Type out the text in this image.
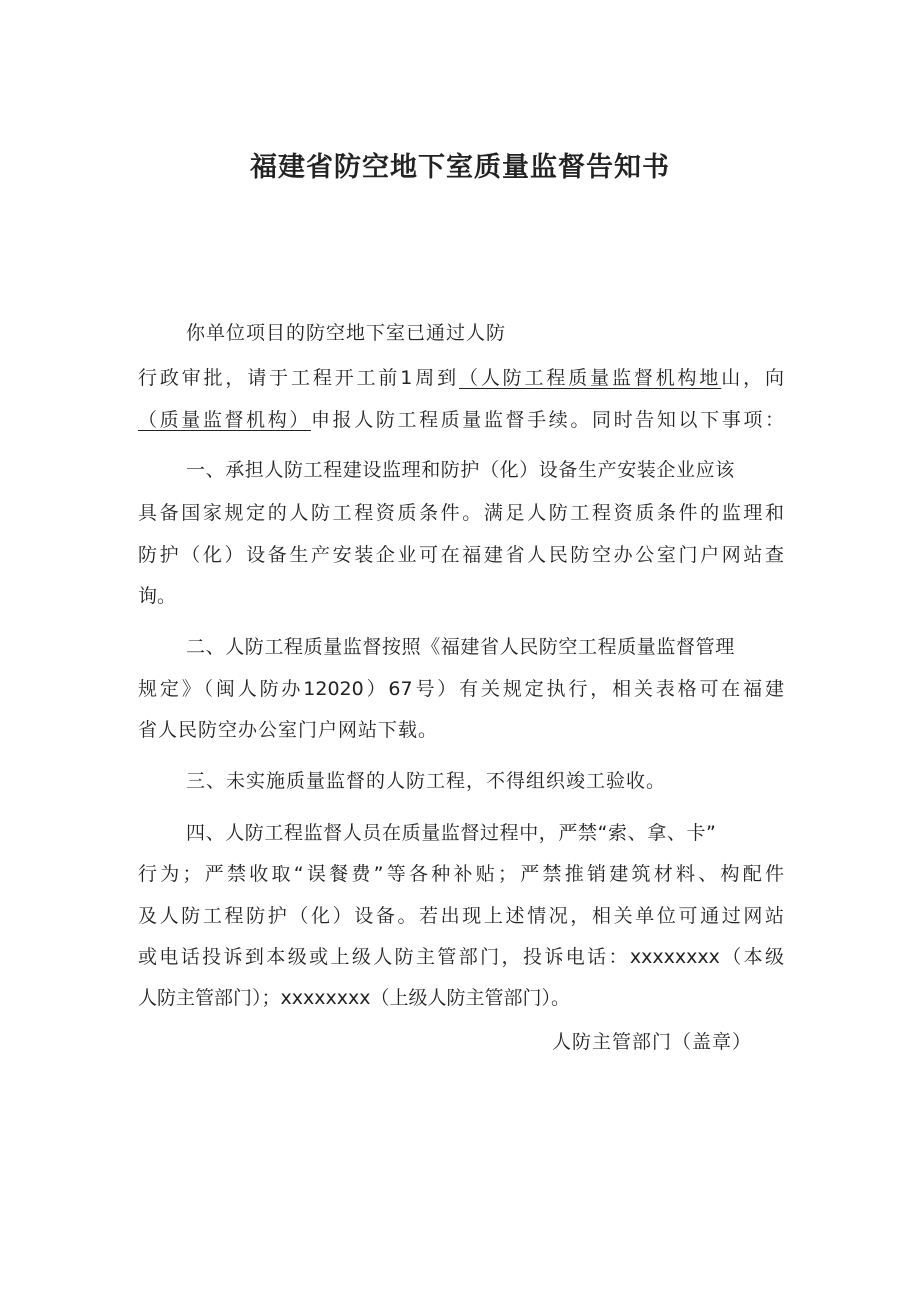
福建省防空地下室质量监督告知书
你单位项目的防空地下室已通过人防
行政审批，请于工程开工前1周到（人防工程质量监督机构地山，向
（质量监督机构）申报人防工程质量监督手续。同时告知以下事项：
一、承担人防工程建设监理和防护（化）设备生产安装企业应该
具备国家规定的人防工程资质条件。满足人防工程资质条件的监理和
防护（化）设备生产安装企业可在福建省人民防空办公室门户网站查
询。
二、人防工程质量监督按照《福建省人民防空工程质量监督管理
规定》（闽人防办12020）67号）有关规定执行，相关表格可在福建
省人民防空办公室门户网站下载。
三、未实施质量监督的人防工程，不得组织竣工验收。
四、人防工程监督人员在质量监督过程中，严禁“索、拿、卡”
行为；严禁收取“误餐费”等各种补贴；严禁推销建筑材料、构配件
及人防工程防护（化）设备。若出现上述情况，相关单位可通过网站
或电话投诉到本级或上级人防主管部门，投诉电话：xxxxxxxx（本级
人防主管部门）；xxxxxxxx（上级人防主管部门）。
人防主管部门（盖章）
